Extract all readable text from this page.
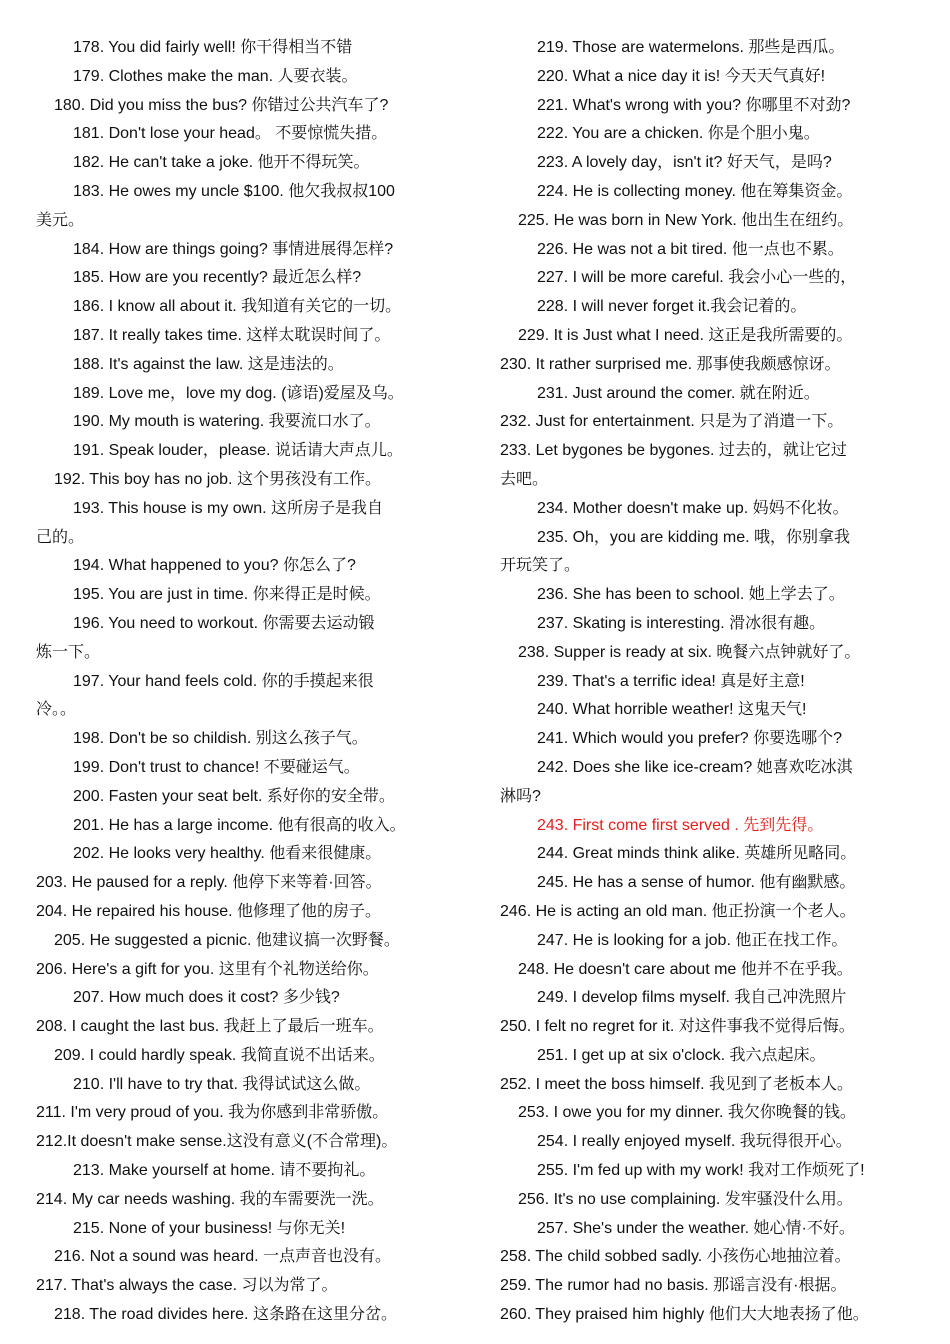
178. You did fairly well! 你干得相当不错
179. Clothes make the man. 人要衣装。
180. Did you miss the bus? 你错过公共汽车了?
181. Don't lose your head。 不要惊慌失措。
182. He can't take a joke. 他开不得玩笑。
183. He owes my uncle $100. 他欠我叔叔100
美元。
184. How are things going? 事情进展得怎样?
185. How are you recently? 最近怎么样?
186. I know all about it. 我知道有关它的一切。
187. It really takes time. 这样太耽误时间了。
188. It's against the law. 这是违法的。
189. Love me，love my dog. (谚语)爱屋及乌。
190. My mouth is watering. 我要流口水了。
191. Speak louder，please. 说话请大声点儿。
192. This boy has no job. 这个男孩没有工作。
193. This house is my own. 这所房子是我自
己的。
194. What happened to you? 你怎么了?
195. You are just in time. 你来得正是时候。
196. You need to workout. 你需要去运动锻
炼一下。
197. Your hand feels cold. 你的手摸起来很
冷。。
198. Don't be so childish. 别这么孩子气。
199. Don't trust to chance! 不要碰运气。
200. Fasten your seat belt. 系好你的安全带。
201. He has a large income. 他有很高的收入。
202. He looks very healthy. 他看来很健康。
203. He paused for a reply. 他停下来等着·回答。
204. He repaired his house. 他修理了他的房子。
205. He suggested a picnic. 他建议搞一次野餐。
206. Here's a gift for you. 这里有个礼物送给你。
207. How much does it cost? 多少钱?
208. I caught the last bus. 我赶上了最后一班车。
209. I could hardly speak. 我简直说不出话来。
210. I'll have to try that. 我得试试这么做。
211. I'm very proud of you. 我为你感到非常骄傲。
212.It doesn't make sense.这没有意义(不合常理)。
213. Make yourself at home. 请不要拘礼。
214. My car needs washing. 我的车需要洗一洗。
215. None of your business! 与你无关!
216. Not a sound was heard. 一点声音也没有。
217. That's always the case. 习以为常了。
218. The road divides here. 这条路在这里分岔。
219. Those are watermelons. 那些是西瓜。
220. What a nice day it is! 今天天气真好!
221. What's wrong with you? 你哪里不对劲?
222. You are a chicken. 你是个胆小鬼。
223. A lovely day，isn't it? 好天气，是吗?
224. He is collecting money. 他在筹集资金。
225. He was born in New York. 他出生在纽约。
226. He was not a bit tired. 他一点也不累。
227. I will be more careful. 我会小心一些的，
228. I will never forget it.我会记着的。
229. It is Just what I need. 这正是我所需要的。
230. It rather surprised me. 那事使我颇感惊讶。
231. Just around the comer. 就在附近。
232. Just for entertainment. 只是为了消遣一下。
233. Let bygones be bygones. 过去的，就让它过
去吧。
234. Mother doesn't make up. 妈妈不化妆。
235. Oh，you are kidding me. 哦，你别拿我
开玩笑了。
236. She has been to school. 她上学去了。
237. Skating is interesting. 滑冰很有趣。
238. Supper is ready at six. 晚餐六点钟就好了。
239. That's a terrific idea! 真是好主意!
240. What horrible weather! 这鬼天气!
241. Which would you prefer? 你要选哪个?
242. Does she like ice-cream? 她喜欢吃冰淇
淋吗?
243. First come first served . 先到先得。
244. Great minds think alike. 英雄所见略同。
245. He has a sense of humor. 他有幽默感。
246. He is acting an old man. 他正扮演一个老人。
247. He is looking for a job. 他正在找工作。
248. He doesn't care about me 他并不在乎我。
249. I develop films myself. 我自己冲洗照片
250. I felt no regret for it. 对这件事我不觉得后悔。
251. I get up at six o'clock. 我六点起床。
252. I meet the boss himself. 我见到了老板本人。
253. I owe you for my dinner. 我欠你晚餐的钱。
254. I really enjoyed myself. 我玩得很开心。
255. I'm fed up with my work! 我对工作烦死了!
256. It's no use complaining. 发牢骚没什么用。
257. She's under the weather. 她心情·不好。
258. The child sobbed sadly. 小孩伤心地抽泣着。
259. The rumor had no basis. 那谣言没有·根据。
260. They praised him highly 他们大大地表扬了他。
